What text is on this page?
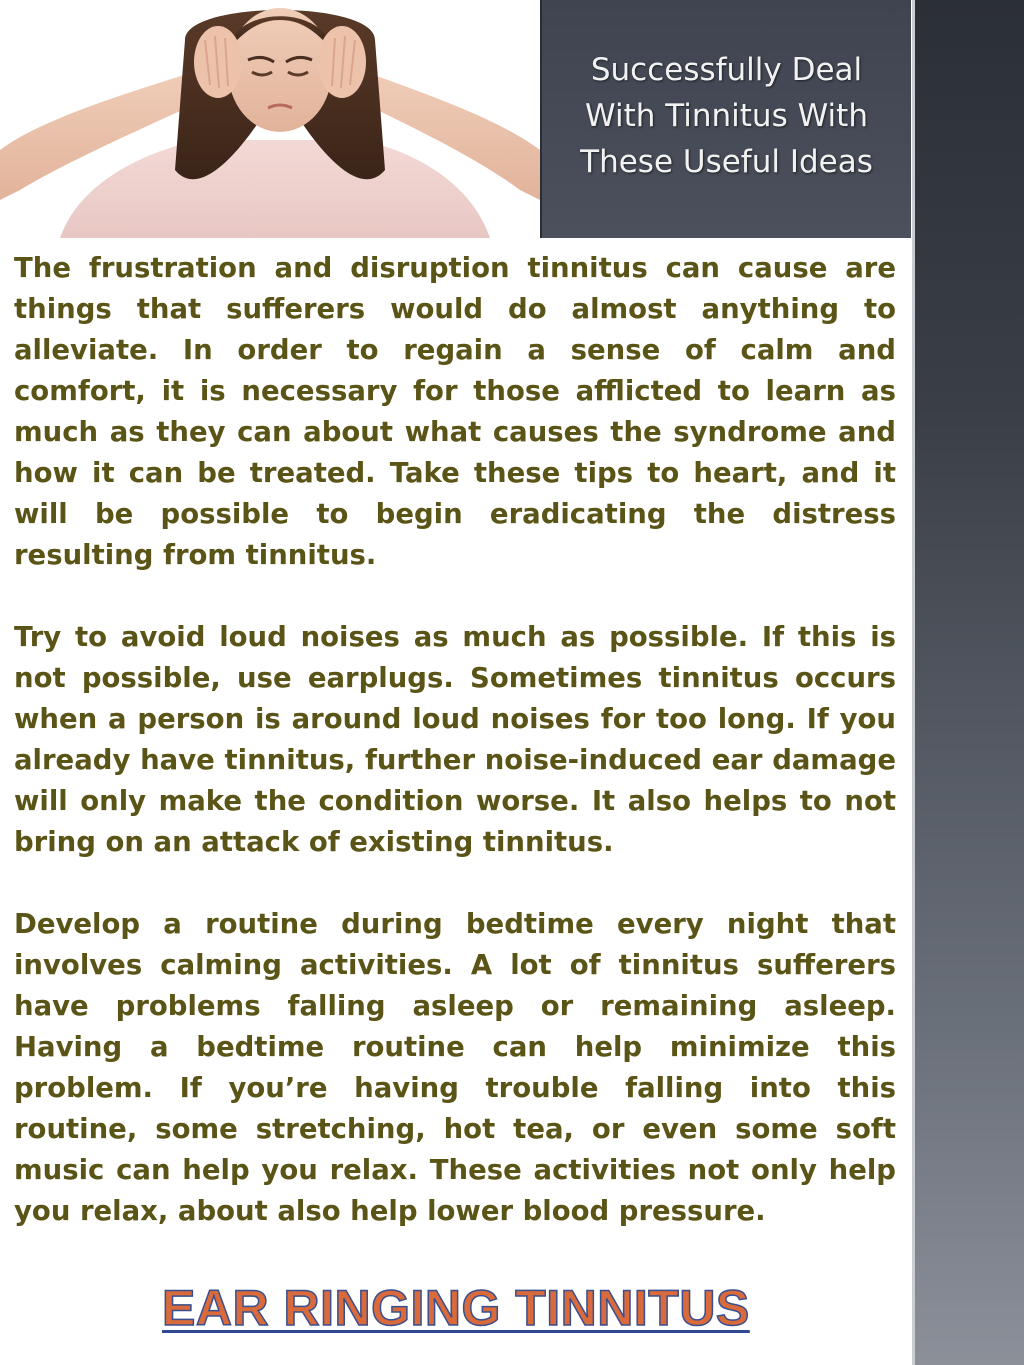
Successfully Deal
With Tinnitus With
These Useful Ideas

The frustration and disruption tinnitus can cause are things that sufferers would do almost anything to alleviate. In order to regain a sense of calm and comfort, it is necessary for those afflicted to learn as much as they can about what causes the syndrome and how it can be treated. Take these tips to heart, and it will be possible to begin eradicating the distress resulting from tinnitus.

Try to avoid loud noises as much as possible. If this is not possible, use earplugs. Sometimes tinnitus occurs when a person is around loud noises for too long. If you already have tinnitus, further noise-induced ear damage will only make the condition worse. It also helps to not bring on an attack of existing tinnitus.

Develop a routine during bedtime every night that involves calming activities. A lot of tinnitus sufferers have problems falling asleep or remaining asleep. Having a bedtime routine can help minimize this problem. If you’re having trouble falling into this routine, some stretching, hot tea, or even some soft music can help you relax. These activities not only help you relax, about also help lower blood pressure.

EAR RINGING TINNITUS
